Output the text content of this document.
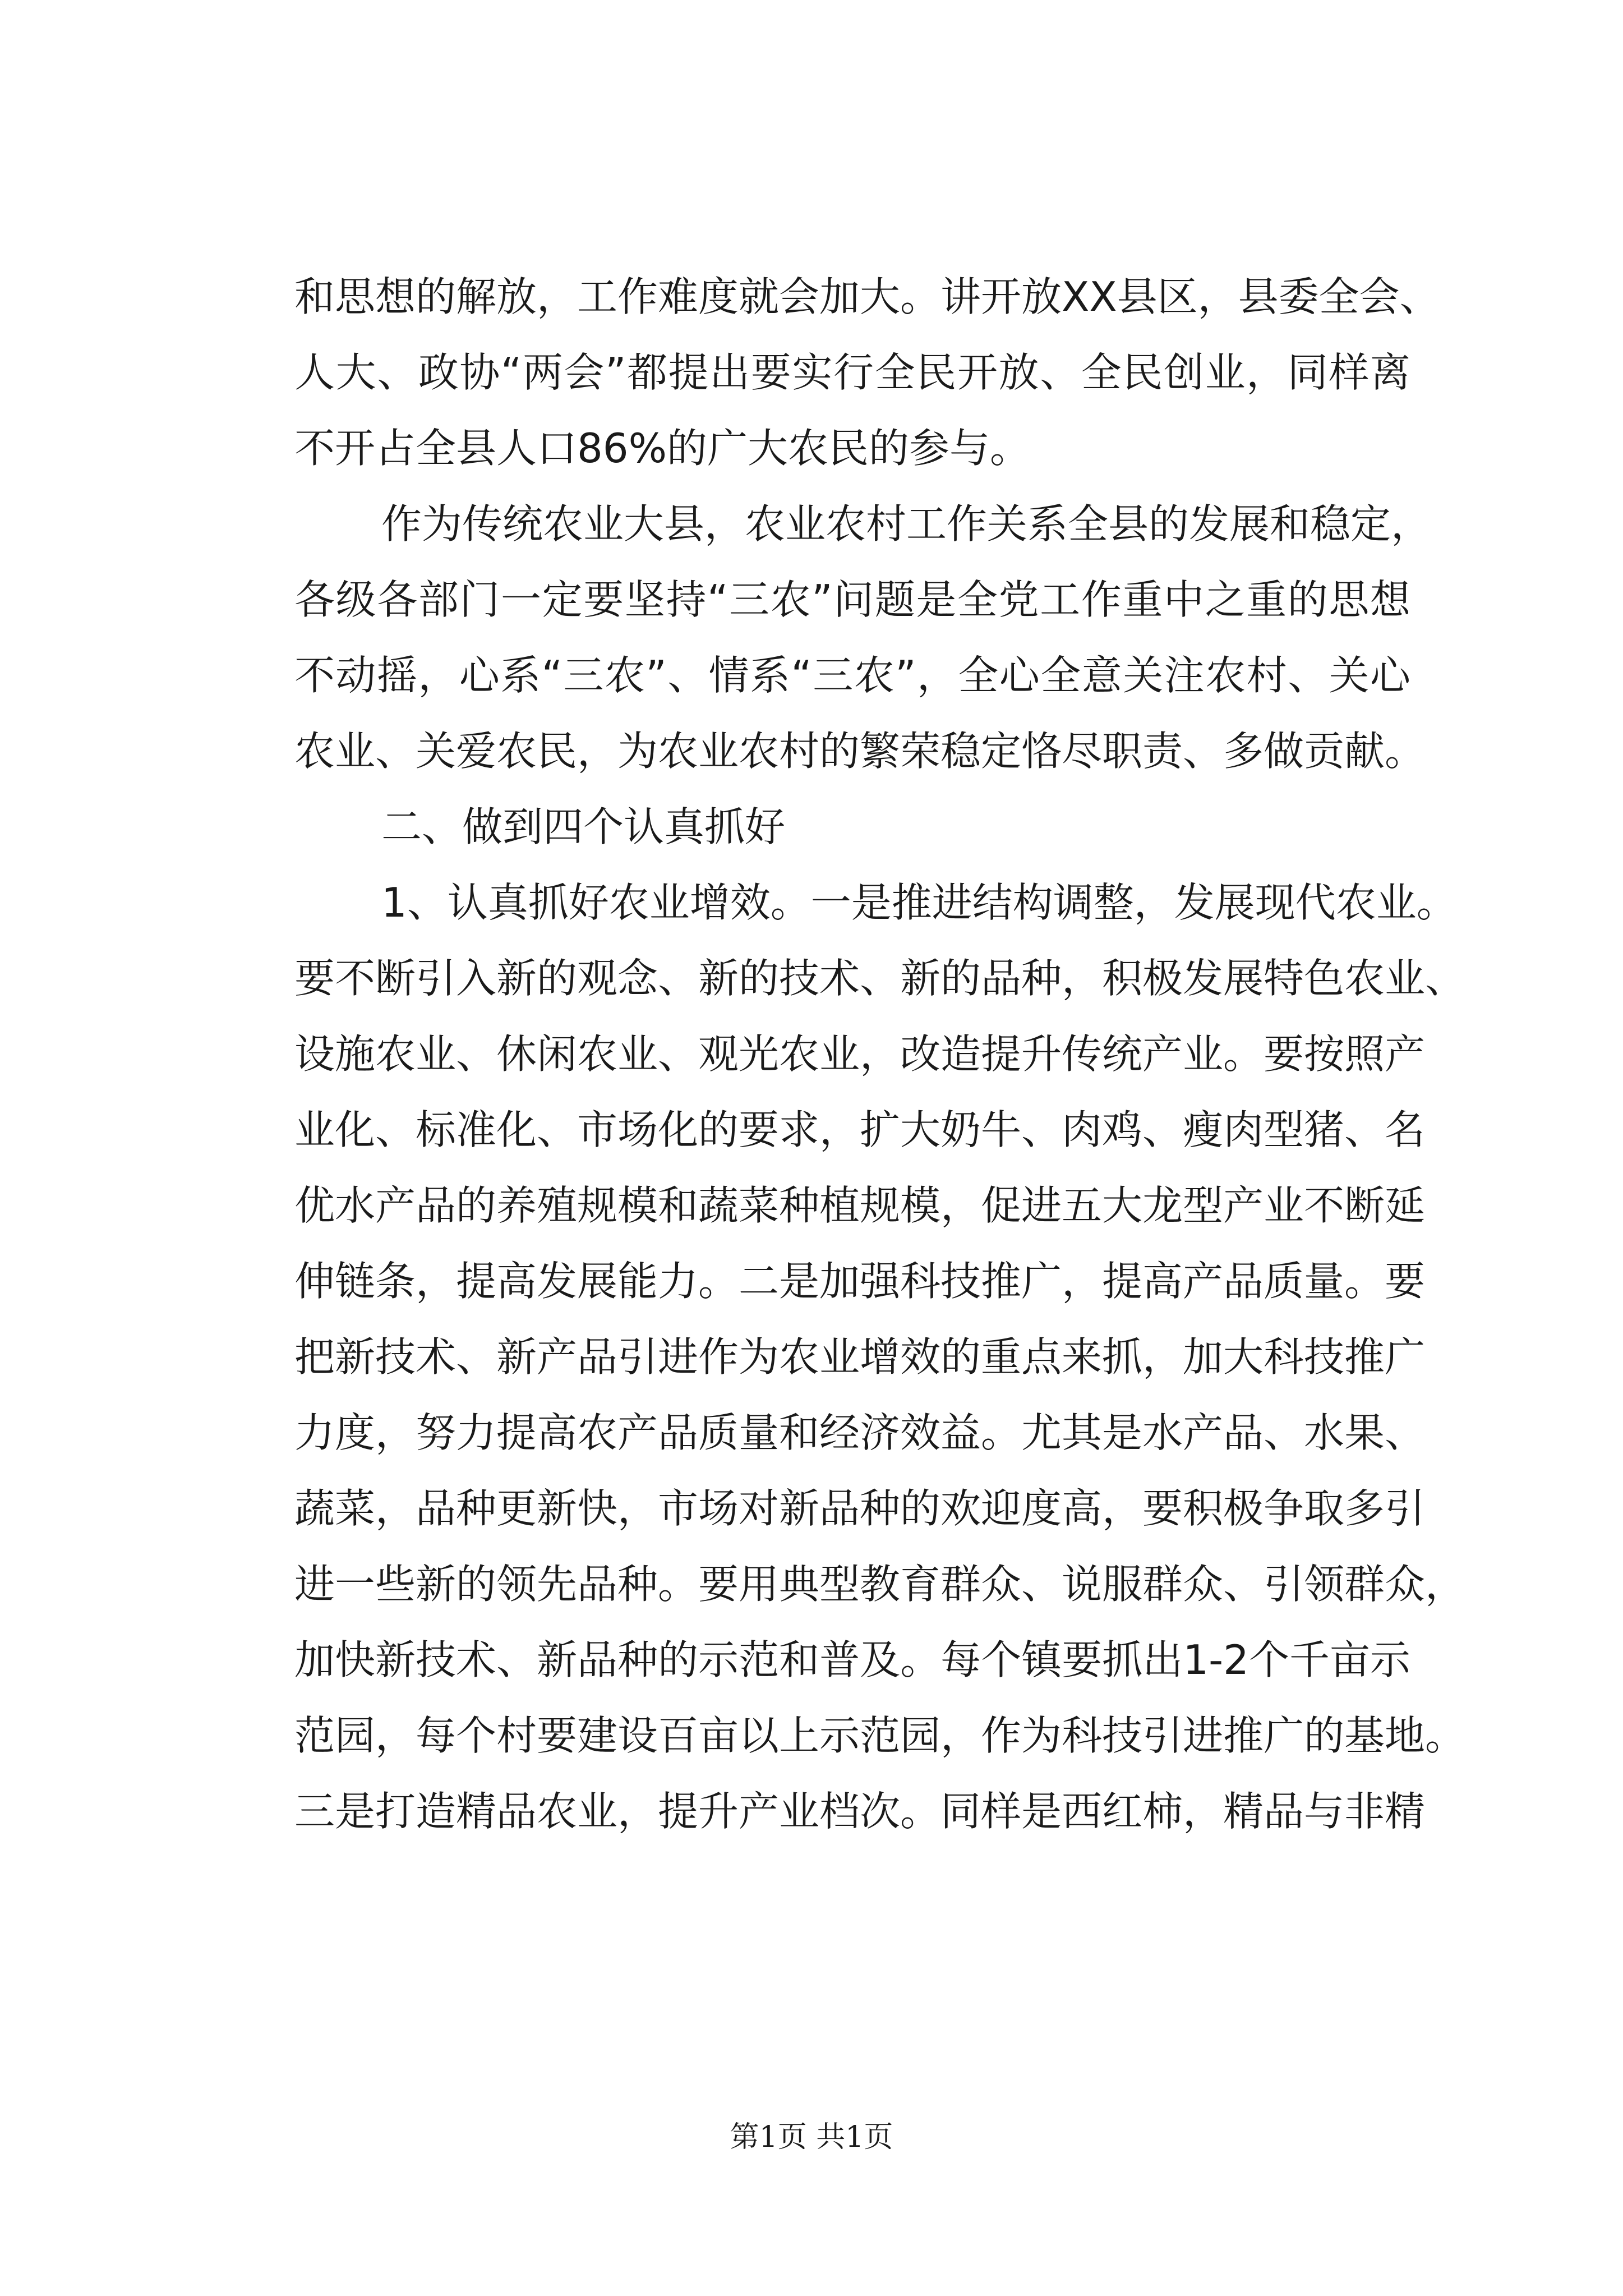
和思想的解放，工作难度就会加大。讲开放XX县区，县委全会、
人大、政协“两会”都提出要实行全民开放、全民创业，同样离
不开占全县人口86%的广大农民的参与。
作为传统农业大县，农业农村工作关系全县的发展和稳定，
各级各部门一定要坚持“三农”问题是全党工作重中之重的思想
不动摇，心系“三农”、情系“三农”，全心全意关注农村、关心
农业、关爱农民，为农业农村的繁荣稳定恪尽职责、多做贡献。
二、做到四个认真抓好
1、认真抓好农业增效。一是推进结构调整，发展现代农业。
要不断引入新的观念、新的技术、新的品种，积极发展特色农业、
设施农业、休闲农业、观光农业，改造提升传统产业。要按照产
业化、标准化、市场化的要求，扩大奶牛、肉鸡、瘦肉型猪、名
优水产品的养殖规模和蔬菜种植规模，促进五大龙型产业不断延
伸链条，提高发展能力。二是加强科技推广，提高产品质量。要
把新技术、新产品引进作为农业增效的重点来抓，加大科技推广
力度，努力提高农产品质量和经济效益。尤其是水产品、水果、
蔬菜，品种更新快，市场对新品种的欢迎度高，要积极争取多引
进一些新的领先品种。要用典型教育群众、说服群众、引领群众，
加快新技术、新品种的示范和普及。每个镇要抓出1-2个千亩示
范园，每个村要建设百亩以上示范园，作为科技引进推广的基地。
三是打造精品农业，提升产业档次。同样是西红柿，精品与非精
第1页 共1页
